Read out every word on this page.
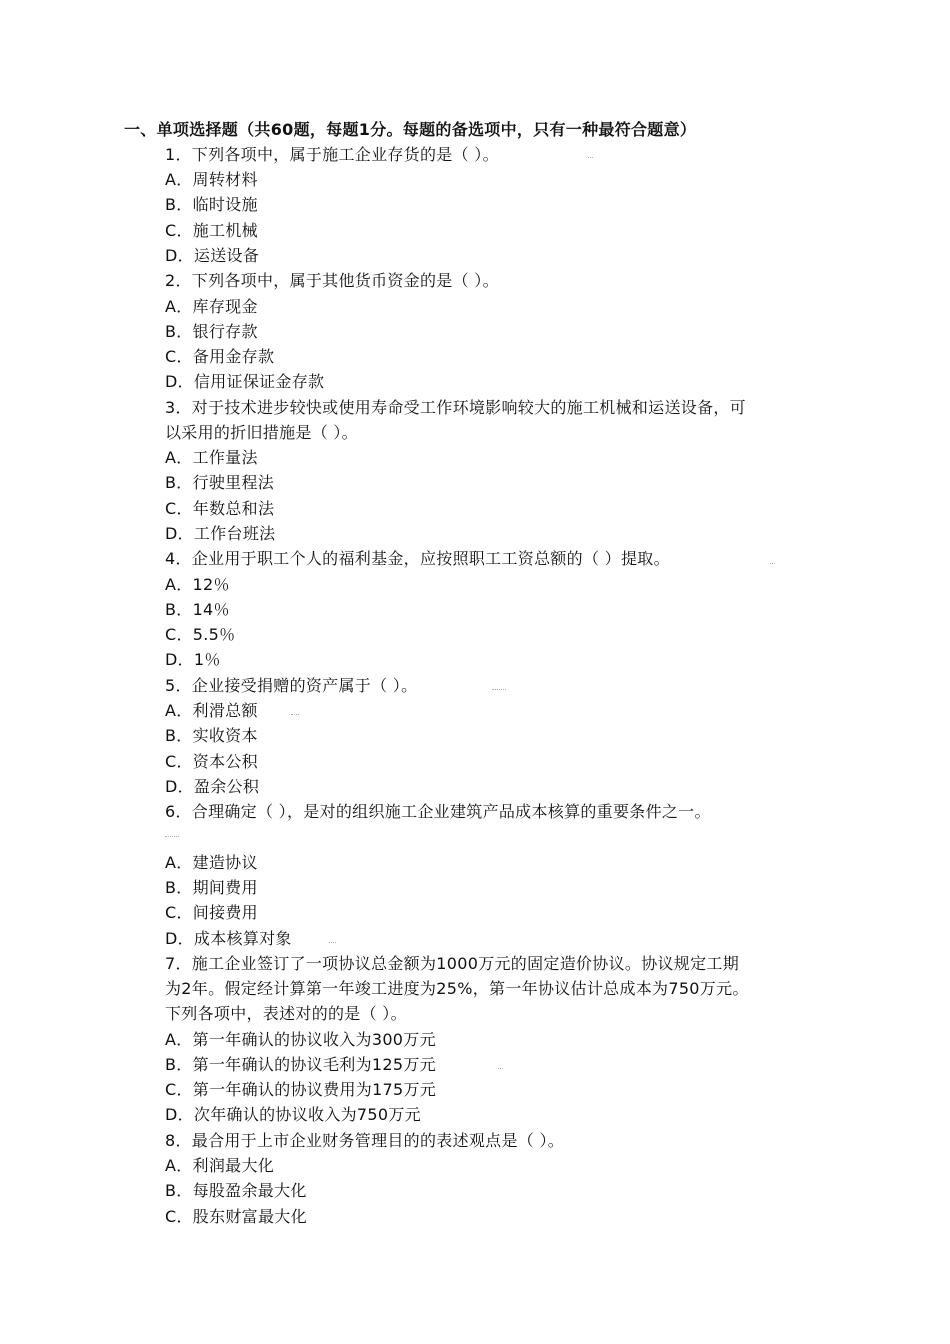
一、单项选择题（共60题，每题1分。每题的备选项中，只有一种最符合题意）
1．下列各项中，属于施工企业存货的是（ ）。
A．周转材料
B．临时设施
C．施工机械
D．运送设备
2．下列各项中，属于其他货币资金的是（ ）。
A．库存现金
B．银行存款
C．备用金存款
D．信用证保证金存款
3．对于技术进步较快或使用寿命受工作环境影响较大的施工机械和运送设备，可
以采用的折旧措施是（ ）。
A．工作量法
B．行驶里程法
C．年数总和法
D．工作台班法
4．企业用于职工个人的福利基金，应按照职工工资总额的（ ）提取。
A．12％
B．14％
C．5.5％
D．1％
5．企业接受捐赠的资产属于（ ）。
A．利滑总额
B．实收资本
C．资本公积
D．盈余公积
6．合理确定（ ），是对的组织施工企业建筑产品成本核算的重要条件之一。
A．建造协议
B．期间费用
C．间接费用
D．成本核算对象
7．施工企业签订了一项协议总金额为1000万元的固定造价协议。协议规定工期
为2年。假定经计算第一年竣工进度为25%，第一年协议估计总成本为750万元。
下列各项中，表述对的的是（ ）。
A．第一年确认的协议收入为300万元
B．第一年确认的协议毛利为125万元
C．第一年确认的协议费用为175万元
D．次年确认的协议收入为750万元
8．最合用于上市企业财务管理目的的表述观点是（ ）。
A．利润最大化
B．每股盈余最大化
C．股东财富最大化
